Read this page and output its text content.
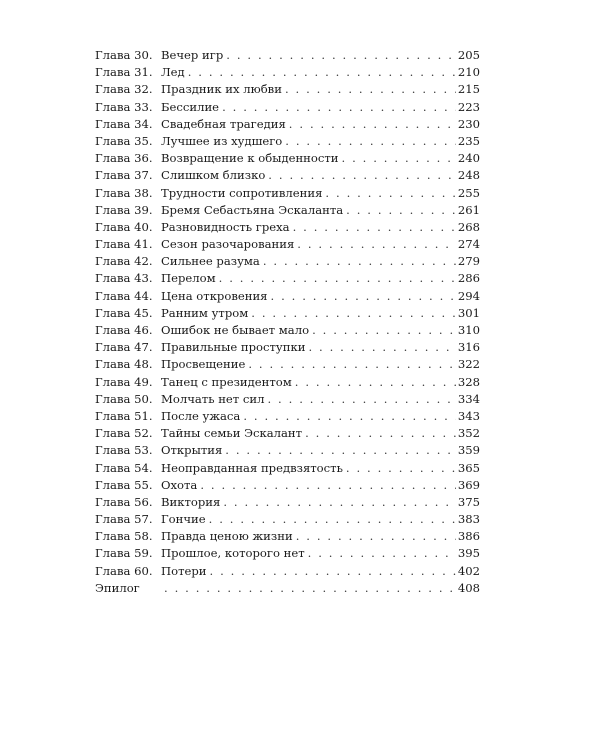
Глава 30. Вечер игр . . .	205
Глава 31. Лед . . .	210
Глава 32. Праздник их любви . . .	215
Глава 33. Бессилие . . .	223
Глава 34. Свадебная трагедия . . .	230
Глава 35. Лучшее из худшего . . .	235
Глава 36. Возвращение к обыденности . . .	240
Глава 37. Слишком близко . . .	248
Глава 38. Трудности сопротивления . . .	255
Глава 39. Бремя Себастьяна Эскаланта . . .	261
Глава 40. Разновидность греха . . .	268
Глава 41. Сезон разочарования . . .	274
Глава 42. Сильнее разума . . .	279
Глава 43. Перелом . . .	286
Глава 44. Цена откровения . . .	294
Глава 45. Ранним утром . . .	301
Глава 46. Ошибок не бывает мало . . .	310
Глава 47. Правильные проступки . . .	316
Глава 48. Просвещение . . .	322
Глава 49. Танец с президентом . . .	328
Глава 50. Молчать нет сил . . .	334
Глава 51. После ужаса . . .	343
Глава 52. Тайны семьи Эскалант . . .	352
Глава 53. Открытия . . .	359
Глава 54. Неоправданная предвзятость . . .	365
Глава 55. Охота . . .	369
Глава 56. Виктория . . .	375
Глава 57. Гончие . . .	383
Глава 58. Правда ценою жизни . . .	386
Глава 59. Прошлое, которого нет . . .	395
Глава 60. Потери . . .	402
Эпилог . . .	408
